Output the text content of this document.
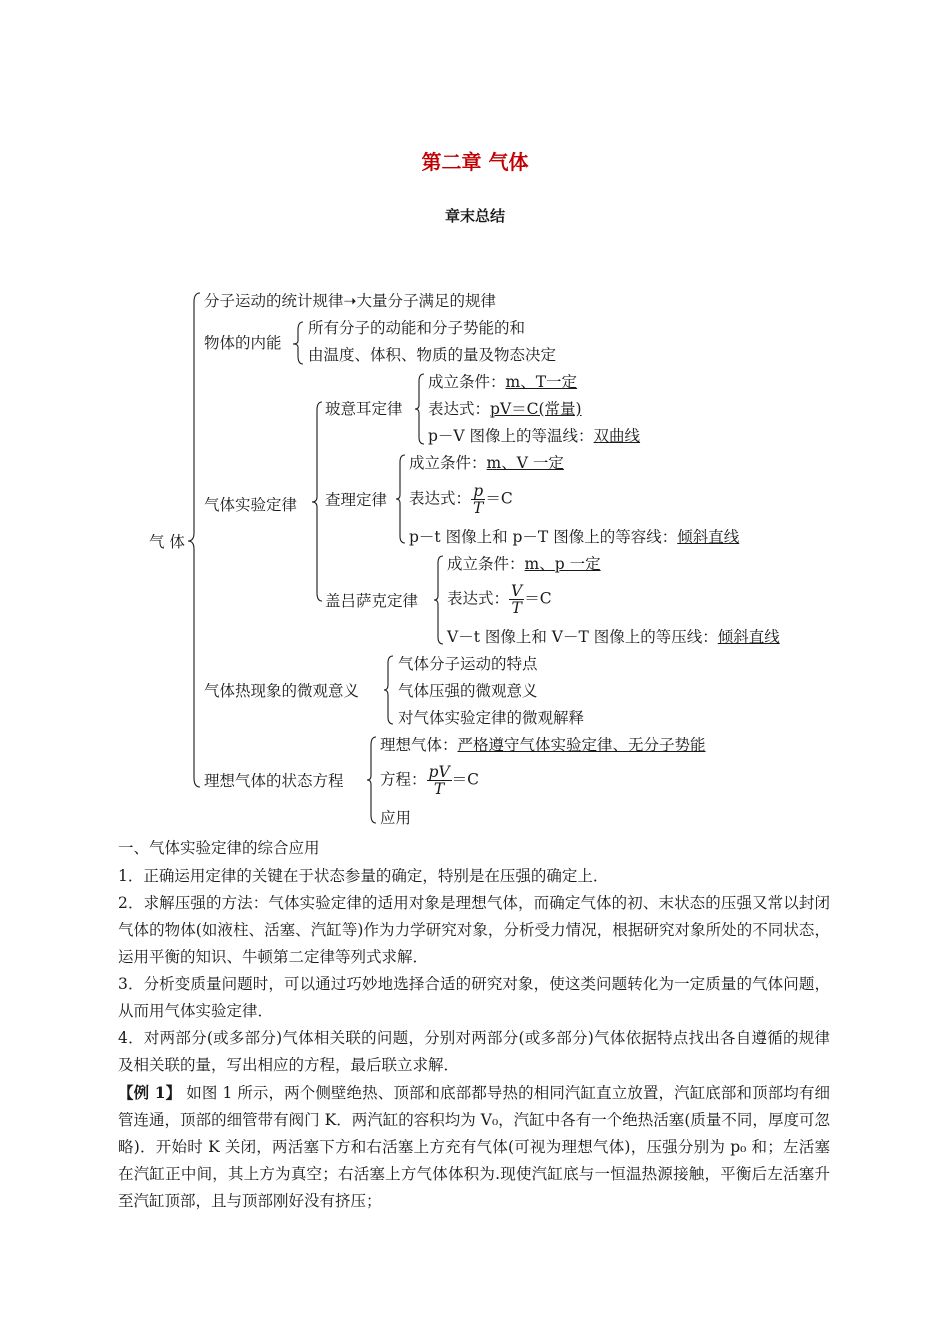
第二章 气体
章末总结
气 体
分子运动的统计规律➝大量分子满足的规律
物体的内能
所有分子的动能和分子势能的和
由温度、体积、物质的量及物态决定
气体实验定律
玻意耳定律
成立条件：m、T一定
表达式：pV＝C(常量)
p－V 图像上的等温线：双曲线
查理定律
成立条件：m、V 一定
表达式： $\frac{p}{T} =C$
p－t 图像上和 p－T 图像上的等容线：倾斜直线
盖吕萨克定律
成立条件：m、p 一定
表达式： $\frac{V}{T} =C$
V－t 图像上和 V－T 图像上的等压线：倾斜直线
气体热现象的微观意义
气体分子运动的特点
气体压强的微观意义
对气体实验定律的微观解释
理想气体的状态方程
理想气体：严格遵守气体实验定律、无分子势能
方程： $\frac{pV}{T} =C$
应用
一、气体实验定律的综合应用
1．正确运用定律的关键在于状态参量的确定，特别是在压强的确定上．
2．求解压强的方法：气体实验定律的适用对象是理想气体，而确定气体的初、末状态的压强又常以封闭气体的物体(如液柱、活塞、汽缸等)作为力学研究对象，分析受力情况，根据研究对象所处的不同状态，运用平衡的知识、牛顿第二定律等列式求解．
3．分析变质量问题时，可以通过巧妙地选择合适的研究对象，使这类问题转化为一定质量的气体问题，从而用气体实验定律．
4．对两部分(或多部分)气体相关联的问题，分别对两部分(或多部分)气体依据特点找出各自遵循的规律及相关联的量，写出相应的方程，最后联立求解．
【例 1】 如图 1 所示，两个侧壁绝热、顶部和底部都导热的相同汽缸直立放置，汽缸底部和顶部均有细管连通，顶部的细管带有阀门 K．两汽缸的容积均为 V₀，汽缸中各有一个绝热活塞(质量不同，厚度可忽略)．开始时 K 关闭，两活塞下方和右活塞上方充有气体(可视为理想气体)，压强分别为 p₀ 和；左活塞在汽缸正中间，其上方为真空；右活塞上方气体体积为.现使汽缸底与一恒温热源接触，平衡后左活塞升至汽缸顶部，且与顶部刚好没有挤压；
